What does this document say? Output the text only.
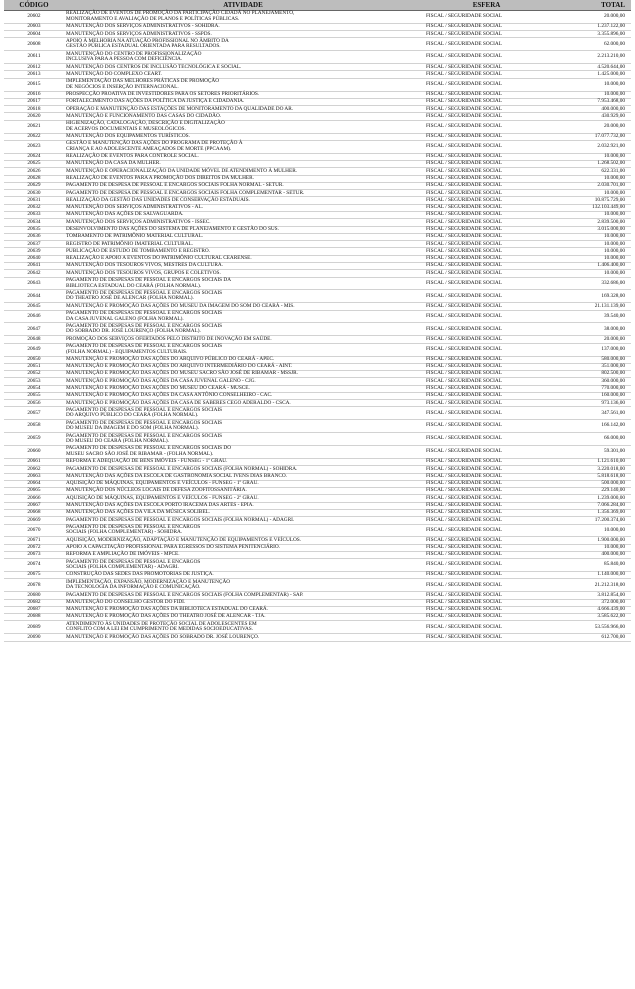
CÓDIGO	ATIVIDADE	ESFERA	TOTAL
20602	REALIZAÇÃO DE EVENTOS DE PROMOÇÃO DA PARTICIPAÇÃO CIDADÃ NO PLANEJAMENTO,
MONITORAMENTO E AVALIAÇÃO DE PLANOS E POLÍTICAS PÚBLICAS.	FISCAL / SEGURIDADE SOCIAL	20.000,00
20603	MANUTENÇÃO DOS SERVIÇOS ADMINISTRATIVOS - SOHIDRA.	FISCAL / SEGURIDADE SOCIAL	1.237.122,00
20604	MANUTENÇÃO DOS SERVIÇOS ADMINISTRATIVOS - SSPDS.	FISCAL / SEGURIDADE SOCIAL	3.355.896,00
20608	APOIO À MELHORIA NA ATUAÇÃO PROFISSIONAL NO ÂMBITO DA
GESTÃO PÚBLICA ESTADUAL ORIENTADA PARA RESULTADOS.	FISCAL / SEGURIDADE SOCIAL	62.000,00
20611	MANUTENÇÃO DO CENTRO DE PROFISSIONALIZAÇÃO
INCLUSIVA PARA A PESSOA COM DEFICIÊNCIA.	FISCAL / SEGURIDADE SOCIAL	2.213.210,00
20612	MANUTENÇÃO DOS CENTROS DE INCLUSÃO TECNOLÓGICA E SOCIAL.	FISCAL / SEGURIDADE SOCIAL	4.520.644,00
20613	MANUTENÇÃO DO COMPLEXO CEART.	FISCAL / SEGURIDADE SOCIAL	1.425.000,00
20615	IMPLEMENTAÇÃO DAS MELHORES PRÁTICAS DE PROMOÇÃO
DE NEGÓCIOS E INSERÇÃO INTERNACIONAL.	FISCAL / SEGURIDADE SOCIAL	10.000,00
20616	PROSPECÇÃO PROATIVA DE INVESTIDORES PARA OS SETORES PRIORITÁRIOS.	FISCAL / SEGURIDADE SOCIAL	10.000,00
20617	FORTALECIMENTO DAS AÇÕES DA POLÍTICA DA JUSTIÇA E CIDADANIA.	FISCAL / SEGURIDADE SOCIAL	7.953.468,00
20618	OPERAÇÃO E MANUTENÇÃO DAS ESTAÇÕES DE MONITORAMENTO DA QUALIDADE DO AR.	FISCAL / SEGURIDADE SOCIAL	400.000,00
20620	MANUTENÇÃO E FUNCIONAMENTO DAS CASAS DO CIDADÃO.	FISCAL / SEGURIDADE SOCIAL	430.929,00
20621	HIGIENIZAÇÃO, CATALOGAÇÃO, DESCRIÇÃO E DIGITALIZAÇÃO
DE ACERVOS DOCUMENTAIS E MUSEOLÓGICOS.	FISCAL / SEGURIDADE SOCIAL	20.000,00
20622	MANUTENÇÃO DOS EQUIPAMENTOS TURÍSTICOS.	FISCAL / SEGURIDADE SOCIAL	17.077.732,00
20623	GESTÃO E MANUTENÇÃO DAS AÇÕES DO PROGRAMA DE PROTEÇÃO À
CRIANÇA E AO ADOLESCENTE AMEAÇADOS DE MORTE (PPCAAM).	FISCAL / SEGURIDADE SOCIAL	2.032.921,00
20624	REALIZAÇÃO DE EVENTOS PARA CONTROLE SOCIAL.	FISCAL / SEGURIDADE SOCIAL	10.000,00
20625	MANUTENÇÃO DA CASA DA MULHER.	FISCAL / SEGURIDADE SOCIAL	1.268.502,00
20626	MANUTENÇÃO E OPERACIONALIZAÇÃO DA UNIDADE MÓVEL DE ATENDIMENTO À MULHER.	FISCAL / SEGURIDADE SOCIAL	622.331,00
20628	REALIZAÇÃO DE EVENTOS PARA A PROMOÇÃO DOS DIREITOS DA MULHER.	FISCAL / SEGURIDADE SOCIAL	10.000,00
20629	PAGAMENTO DE DESPESA DE PESSOAL E ENCARGOS SOCIAIS FOLHA NORMAL - SETUR.	FISCAL / SEGURIDADE SOCIAL	2.030.701,00
20630	PAGAMENTO DE DESPESA DE PESSOAL E ENCARGOS SOCIAIS FOLHA COMPLEMENTAR - SETUR.	FISCAL / SEGURIDADE SOCIAL	10.000,00
20631	REALIZAÇÃO DA GESTÃO DAS UNIDADES DE CONSERVAÇÃO ESTADUAIS.	FISCAL / SEGURIDADE SOCIAL	10.875.729,00
20632	MANUTENÇÃO DOS SERVIÇOS ADMINISTRATIVOS - AL.	FISCAL / SEGURIDADE SOCIAL	132.103.449,00
20633	MANUTENÇÃO DAS AÇÕES DE SALVAGUARDA.	FISCAL / SEGURIDADE SOCIAL	10.000,00
20634	MANUTENÇÃO DOS SERVIÇOS ADMINISTRATIVOS - ISSEC.	FISCAL / SEGURIDADE SOCIAL	2.839.500,00
20635	DESENVOLVIMENTO DAS AÇÕES DO SISTEMA DE PLANEJAMENTO E GESTÃO DO SUS.	FISCAL / SEGURIDADE SOCIAL	3.015.000,00
20636	TOMBAMENTO DE PATRIMÔNIO MATERIAL CULTURAL.	FISCAL / SEGURIDADE SOCIAL	10.000,00
20637	REGISTRO DE PATRIMÔNIO IMATERIAL CULTURAL.	FISCAL / SEGURIDADE SOCIAL	10.000,00
20639	PUBLICAÇÃO DE ESTUDO DE TOMBAMENTO E REGISTRO.	FISCAL / SEGURIDADE SOCIAL	10.000,00
20640	REALIZAÇÃO E APOIO A EVENTOS DO PATRIMÔNIO CULTURAL CEARENSE.	FISCAL / SEGURIDADE SOCIAL	10.000,00
20641	MANUTENÇÃO DOS TESOUROS VIVOS, MESTRES DA CULTURA.	FISCAL / SEGURIDADE SOCIAL	1.406.400,00
20642	MANUTENÇÃO DOS TESOUROS VIVOS, GRUPOS E COLETIVOS.	FISCAL / SEGURIDADE SOCIAL	10.000,00
20643	PAGAMENTO DE DESPESAS DE PESSOAL E ENCARGOS SOCIAIS DA
BIBLIOTECA ESTADUAL DO CEARÁ (FOLHA NORMAL).	FISCAL / SEGURIDADE SOCIAL	332.686,00
20644	PAGAMENTO DE DESPESAS DE PESSOAL E ENCARGOS SOCIAIS
DO THEATRO JOSÉ DE ALENCAR (FOLHA NORMAL).	FISCAL / SEGURIDADE SOCIAL	169.328,00
20645	MANUTENÇÃO E PROMOÇÃO DAS AÇÕES DO MUSEU DA IMAGEM DO SOM DO CEARÁ - MIS.	FISCAL / SEGURIDADE SOCIAL	21.131.139,00
20646	PAGAMENTO DE DESPESAS DE PESSOAL E ENCARGOS SOCIAIS
DA CASA JUVENAL GALENO (FOLHA NORMAL).	FISCAL / SEGURIDADE SOCIAL	39.540,00
20647	PAGAMENTO DE DESPESAS DE PESSOAL E ENCARGOS SOCIAIS
DO SOBRADO DR. JOSÉ LOURENÇO (FOLHA NORMAL).	FISCAL / SEGURIDADE SOCIAL	38.000,00
20648	PROMOÇÃO DOS SERVIÇOS OFERTADOS PELO DISTRITO DE INOVAÇÃO EM SAÚDE.	FISCAL / SEGURIDADE SOCIAL	20.000,00
20649	PAGAMENTO DE DESPESAS DE PESSOAL E ENCARGOS SOCIAIS
(FOLHA NORMAL) - EQUIPAMENTOS CULTURAIS.	FISCAL / SEGURIDADE SOCIAL	137.000,00
20650	MANUTENÇÃO E PROMOÇÃO DAS AÇÕES DO ARQUIVO PÚBLICO DO CEARÁ - APEC.	FISCAL / SEGURIDADE SOCIAL	580.000,00
20651	MANUTENÇÃO E PROMOÇÃO DAS AÇÕES DO ARQUIVO INTERMEDIÁRIO DO CEARÁ - AINT.	FISCAL / SEGURIDADE SOCIAL	351.000,00
20652	MANUTENÇÃO E PROMOÇÃO DAS AÇÕES DO MUSEU SACRO SÃO JOSÉ DE RIBAMAR - MSSJR.	FISCAL / SEGURIDADE SOCIAL	802.500,00
20653	MANUTENÇÃO E PROMOÇÃO DAS AÇÕES DA CASA JUVENAL GALENO - CJG.	FISCAL / SEGURIDADE SOCIAL	360.000,00
20654	MANUTENÇÃO E PROMOÇÃO DAS AÇÕES DO MUSEU DO CEARÁ - MUSCE.	FISCAL / SEGURIDADE SOCIAL	770.000,00
20655	MANUTENÇÃO E PROMOÇÃO DAS AÇÕES DA CASA ANTÔNIO CONSELHEIRO - CAC.	FISCAL / SEGURIDADE SOCIAL	160.000,00
20656	MANUTENÇÃO E PROMOÇÃO DAS AÇÕES DA CASA DE SABERES CEGO ADERALDO - CSCA.	FISCAL / SEGURIDADE SOCIAL	973.136,00
20657	PAGAMENTO DE DESPESAS DE PESSOAL E ENCARGOS SOCIAIS
DO ARQUIVO PÚBLICO DO CEARÁ (FOLHA NORMAL).	FISCAL / SEGURIDADE SOCIAL	347.561,00
20658	PAGAMENTO DE DESPESAS DE PESSOAL E ENCARGOS SOCIAIS
DO MUSEU DA IMAGEM E DO SOM (FOLHA NORMAL).	FISCAL / SEGURIDADE SOCIAL	166.142,00
20659	PAGAMENTO DE DESPESAS DE PESSOAL E ENCARGOS SOCIAIS
DO MUSEU DO CEARÁ (FOLHA NORMAL).	FISCAL / SEGURIDADE SOCIAL	66.000,00
20660	PAGAMENTO DE DESPESAS DE PESSOAL E ENCARGOS SOCIAIS DO
MUSEU SACRO SÃO JOSÉ DE RIBAMAR - (FOLHA NORMAL).	FISCAL / SEGURIDADE SOCIAL	59.301,00
20661	REFORMA E ADEQUAÇÃO DE BENS IMÓVEIS - FUNSEG - 1º GRAU.	FISCAL / SEGURIDADE SOCIAL	1.121.610,00
20662	PAGAMENTO DE DESPESAS DE PESSOAL E ENCARGOS SOCIAIS (FOLHA NORMAL) - SOHIDRA.	FISCAL / SEGURIDADE SOCIAL	3.220.018,00
20663	MANUTENÇÃO DAS AÇÕES DA ESCOLA DE GASTRONOMIA SOCIAL IVENS DIAS BRANCO.	FISCAL / SEGURIDADE SOCIAL	5.818.618,00
20664	AQUISIÇÃO DE MÁQUINAS, EQUIPAMENTOS E VEÍCULOS - FUNSEG - 1º GRAU.	FISCAL / SEGURIDADE SOCIAL	500.000,00
20665	MANUTENÇÃO DOS NÚCLEOS LOCAIS DE DEFESA ZOOFITOSSANITÁRIA.	FISCAL / SEGURIDADE SOCIAL	229.140,00
20666	AQUISIÇÃO DE MÁQUINAS, EQUIPAMENTOS E VEÍCULOS - FUNSEG - 2º GRAU.	FISCAL / SEGURIDADE SOCIAL	1.239.000,00
20667	MANUTENÇÃO DAS AÇÕES DA ESCOLA PORTO IRACEMA DAS ARTES - EPIA.	FISCAL / SEGURIDADE SOCIAL	7.066.284,00
20668	MANUTENÇÃO DAS AÇÕES DA VILA DA MÚSICA SOLIBEL.	FISCAL / SEGURIDADE SOCIAL	1.356.369,00
20669	PAGAMENTO DE DESPESAS DE PESSOAL E ENCARGOS SOCIAIS (FOLHA NORMAL) - ADAGRI.	FISCAL / SEGURIDADE SOCIAL	17.200.374,00
20670	PAGAMENTO DE DESPESAS DE PESSOAL E ENCARGOS
SOCIAIS (FOLHA COMPLEMENTAR) - SOHIDRA.	FISCAL / SEGURIDADE SOCIAL	10.000,00
20671	AQUISIÇÃO, MODERNIZAÇÃO, ADAPTAÇÃO E MANUTENÇÃO DE EQUIPAMENTOS E VEÍCULOS.	FISCAL / SEGURIDADE SOCIAL	1.900.000,00
20672	APOIO A CAPACITAÇÃO PROFISSIONAL PARA EGRESSOS DO SISTEMA PENITENCIÁRIO.	FISCAL / SEGURIDADE SOCIAL	10.000,00
20673	REFORMA E AMPLIAÇÃO DE IMÓVEIS - MPCE.	FISCAL / SEGURIDADE SOCIAL	400.000,00
20674	PAGAMENTO DE DESPESAS DE PESSOAL E ENCARGOS
SOCIAIS (FOLHA COMPLEMENTAR) - ADAGRI.	FISCAL / SEGURIDADE SOCIAL	85.840,00
20675	CONSTRUÇÃO DAS SEDES DAS PROMOTORIAS DE JUSTIÇA.	FISCAL / SEGURIDADE SOCIAL	1.140.000,00
20678	IMPLEMENTAÇÃO, EXPANSÃO, MODERNIZAÇÃO E MANUTENÇÃO
DA TECNOLOGIA DA INFORMAÇÃO E COMUNICAÇÃO.	FISCAL / SEGURIDADE SOCIAL	21.212.318,00
20680	PAGAMENTO DE DESPESAS DE PESSOAL E ENCARGOS SOCIAIS (FOLHA COMPLEMENTAR) - SAP.	FISCAL / SEGURIDADE SOCIAL	3.812.854,00
20682	MANUTENÇÃO DO CONSELHO GESTOR DO FIDI.	FISCAL / SEGURIDADE SOCIAL	372.000,00
20687	MANUTENÇÃO E PROMOÇÃO DAS AÇÕES DA BIBLIOTECA ESTADUAL DO CEARÁ.	FISCAL / SEGURIDADE SOCIAL	4.666.439,00
20688	MANUTENÇÃO E PROMOÇÃO DAS AÇÕES DO THEATRO JOSÉ DE ALENCAR - TJA.	FISCAL / SEGURIDADE SOCIAL	3.585.622,00
20689	ATENDIMENTO ÀS UNIDADES DE PROTEÇÃO SOCIAL DE ADOLESCENTES EM
CONFLITO COM A LEI EM CUMPRIMENTO DE MEDIDAS SOCIOEDUCATIVAS.	FISCAL / SEGURIDADE SOCIAL	53.556.966,00
20690	MANUTENÇÃO E PROMOÇÃO DAS AÇÕES DO SOBRADO DR. JOSÉ LOURENÇO.	FISCAL / SEGURIDADE SOCIAL	612.700,00
